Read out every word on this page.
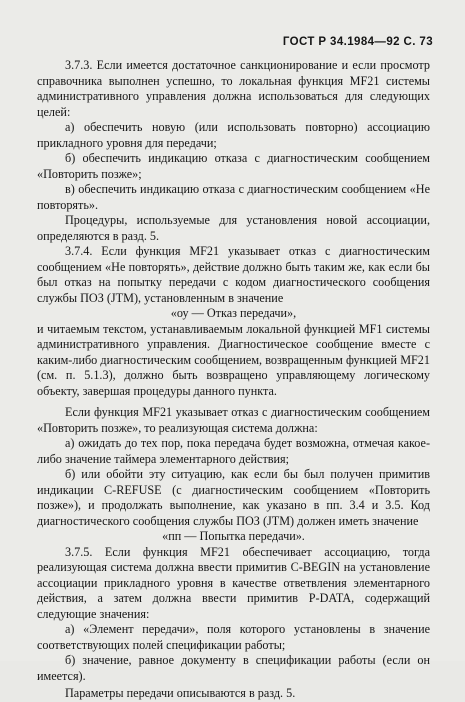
ГОСТ Р 34.1984—92 С. 73

3.7.3. Если имеется достаточное санкционирование и если просмотр справочника выполнен успешно, то локальная функция MF21 системы административного управления должна использоваться для следующих целей:

а) обеспечить новую (или использовать повторно) ассоциацию прикладного уровня для передачи;

б) обеспечить индикацию отказа с диагностическим сообщением «Повторить позже»;

в) обеспечить индикацию отказа с диагностическим сообщением «Не повторять».

Процедуры, используемые для установления новой ассоциации, определяются в разд. 5.

3.7.4. Если функция MF21 указывает отказ с диагностическим сообщением «Не повторять», действие должно быть таким же, как если бы был отказ на попытку передачи с кодом диагностического сообщения службы ПОЗ (JTM), установленным в значение

«оу — Отказ передачи»,

и читаемым текстом, устанавливаемым локальной функцией MF1 системы административного управления. Диагностическое сообщение вместе с каким-либо диагностическим сообщением, возвращенным функцией MF21 (см. п. 5.1.3), должно быть возвращено управляющему логическому объекту, завершая процедуры данного пункта.

Если функция MF21 указывает отказ с диагностическим сообщением «Повторить позже», то реализующая система должна:

а) ожидать до тех пор, пока передача будет возможна, отмечая какое-либо значение таймера элементарного действия;

б) или обойти эту ситуацию, как если бы был получен примитив индикации C-REFUSE (с диагностическим сообщением «Повторить позже»), и продолжать выполнение, как указано в пп. 3.4 и 3.5. Код диагностического сообщения службы ПОЗ (JTM) должен иметь значение

«пп — Попытка передачи».

3.7.5. Если функция MF21 обеспечивает ассоциацию, тогда реализующая система должна ввести примитив C-BEGIN на установление ассоциации прикладного уровня в качестве ответвления элементарного действия, а затем должна ввести примитив P-DATA, содержащий следующие значения:

а) «Элемент передачи», поля которого установлены в значение соответствующих полей спецификации работы;

б) значение, равное документу в спецификации работы (если он имеется).

Параметры передачи описываются в разд. 5.
